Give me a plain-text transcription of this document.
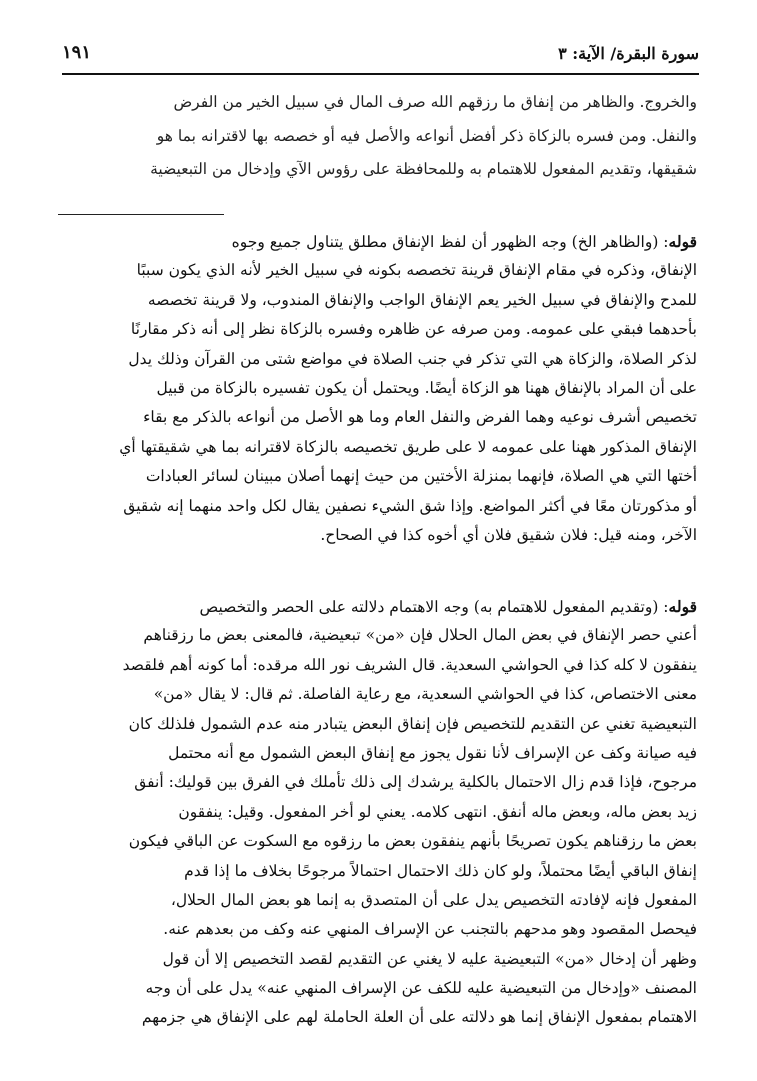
سورة البقرة/ الآية: ٣
١٩١
والخروج. والظاهر من إنفاق ما رزقهم الله صرف المال في سبيل الخير من الفرض
والنفل. ومن فسره بالزكاة ذكر أفضل أنواعه والأصل فيه أو خصصه بها لاقترانه بما هو
شقيقها، وتقديم المفعول للاهتمام به وللمحافظة على رؤوس الآي وإدخال من التبعيضية
قوله: (والظاهر الخ) وجه الظهور أن لفظ الإنفاق مطلق يتناول جميع وجوه
الإنفاق، وذكره في مقام الإنفاق قرينة تخصصه بكونه في سبيل الخير لأنه الذي يكون سببًا
للمدح والإنفاق في سبيل الخير يعم الإنفاق الواجب والإنفاق المندوب، ولا قرينة تخصصه
بأحدهما فبقي على عمومه. ومن صرفه عن ظاهره وفسره بالزكاة نظر إلى أنه ذكر مقارنًا
لذكر الصلاة، والزكاة هي التي تذكر في جنب الصلاة في مواضع شتى من القرآن وذلك يدل
على أن المراد بالإنفاق ههنا هو الزكاة أيضًا. ويحتمل أن يكون تفسيره بالزكاة من قبيل
تخصيص أشرف نوعيه وهما الفرض والنفل العام وما هو الأصل من أنواعه بالذكر مع بقاء
الإنفاق المذكور ههنا على عمومه لا على طريق تخصيصه بالزكاة لاقترانه بما هي شقيقتها أي
أختها التي هي الصلاة، فإنهما بمنزلة الأختين من حيث إنهما أصلان مبينان لسائر العبادات
أو مذكورتان معًا في أكثر المواضع. وإذا شق الشيء نصفين يقال لكل واحد منهما إنه شقيق
الآخر، ومنه قيل: فلان شقيق فلان أي أخوه كذا في الصحاح.
قوله: (وتقديم المفعول للاهتمام به) وجه الاهتمام دلالته على الحصر والتخصيص
أعني حصر الإنفاق في بعض المال الحلال فإن «من» تبعيضية، فالمعنى بعض ما رزقناهم
ينفقون لا كله كذا في الحواشي السعدية. قال الشريف نور الله مرقده: أما كونه أهم فلقصد
معنى الاختصاص، كذا في الحواشي السعدية، مع رعاية الفاصلة. ثم قال: لا يقال «من»
التبعيضية تغني عن التقديم للتخصيص فإن إنفاق البعض يتبادر منه عدم الشمول فلذلك كان
فيه صيانة وكف عن الإسراف لأنا نقول يجوز مع إنفاق البعض الشمول مع أنه محتمل
مرجوح، فإذا قدم زال الاحتمال بالكلية يرشدك إلى ذلك تأملك في الفرق بين قوليك: أنفق
زيد بعض ماله، وبعض ماله أنفق. انتهى كلامه. يعني لو أخر المفعول. وقيل: ينفقون
بعض ما رزقناهم يكون تصريحًا بأنهم ينفقون بعض ما رزقوه مع السكوت عن الباقي فيكون
إنفاق الباقي أيضًا محتملاً، ولو كان ذلك الاحتمال احتمالاً مرجوحًا بخلاف ما إذا قدم
المفعول فإنه لإفادته التخصيص يدل على أن المتصدق به إنما هو بعض المال الحلال،
فيحصل المقصود وهو مدحهم بالتجنب عن الإسراف المنهي عنه وكف من بعدهم عنه.
وظهر أن إدخال «من» التبعيضية عليه لا يغني عن التقديم لقصد التخصيص إلا أن قول
المصنف «وإدخال من التبعيضية عليه للكف عن الإسراف المنهي عنه» يدل على أن وجه
الاهتمام بمفعول الإنفاق إنما هو دلالته على أن العلة الحاملة لهم على الإنفاق هي جزمهم
